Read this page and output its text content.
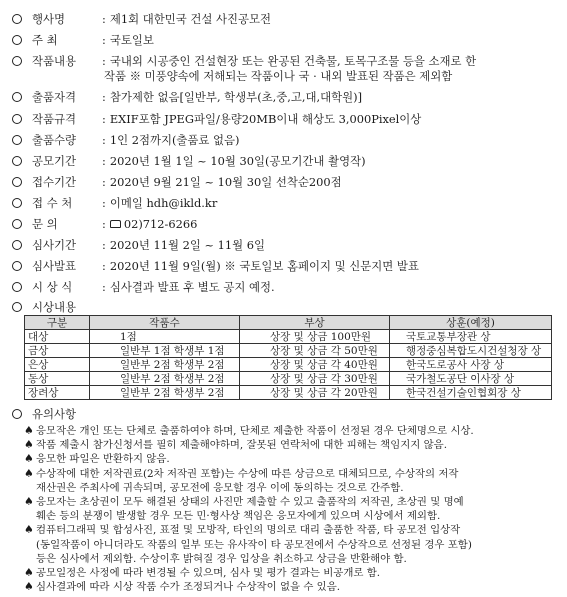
행사명	: 제1회 대한민국 건설 사진공모전
주 최	: 국토일보
작품내용	: 국내외 시공중인 건설현장 또는 완공된 건축물, 토목구조물 등을 소재로 한
작품 ※ 미풍양속에 저해되는 작품이나 국 · 내외 발표된 작품은 제외함
출품자격	: 참가제한 없음[일반부, 학생부(초,중,고,대,대학원)]
작품규격	: EXIF포함 JPEG파일/용량20MB이내 해상도 3,000Pixel이상
출품수량	: 1인 2점까지(출품료 없음)
공모기간	: 2020년 1월 1일 ~ 10월 30일(공모기간내 촬영작)
접수기간	: 2020년 9월 21일 ~ 10월 30일 선착순200점
접 수 처	: 이메일 hdh@ikld.kr
문 의	: 02)712-6266
심사기간	: 2020년 11월 2일 ~ 11월 6일
심사발표	: 2020년 11월 9일(월) ※ 국토일보 홈페이지 및 신문지면 발표
시 상 식	: 심사결과 발표 후 별도 공지 예정.
시상내용
구분	작품수	부상	상훈(예정)
대상	1점	상장 및 상금 100만원	국토교통부장관 상
금상	일반부 1점 학생부 1점	상장 및 상금 각 50만원	행정중심복합도시건설청장 상
은상	일반부 2점 학생부 2점	상장 및 상금 각 40만원	한국도로공사 사장 상
동상	일반부 2점 학생부 2점	상장 및 상금 각 30만원	국가철도공단 이사장 상
장려상	일반부 2점 학생부 2점	상장 및 상금 각 20만원	한국건설기술인협회장 상
유의사항
♠ 응모작은 개인 또는 단체로 출품하여야 하며, 단체로 제출한 작품이 선정된 경우 단체명으로 시상.
♠ 작품 제출시 참가신청서를 필히 제출해야하며, 잘못된 연락처에 대한 피해는 책임지지 않음.
♠ 응모한 파일은 반환하지 않음.
♠ 수상작에 대한 저작권료(2차 저작권 포함)는 수상에 따른 상금으로 대체되므로, 수상작의 저작
재산권은 주최사에 귀속되며, 공모전에 응모할 경우 이에 동의하는 것으로 간주함.
♠ 응모자는 초상권이 모두 해결된 상태의 사진만 제출할 수 있고 출품작의 저작권, 초상권 및 명예
훼손 등의 분쟁이 발생할 경우 모든 민·형사상 책임은 응모자에게 있으며 시상에서 제외함.
♠ 컴퓨터그래픽 및 합성사진, 표절 및 모방작, 타인의 명의로 대리 출품한 작품, 타 공모전 입상작
(동일작품이 아니더라도 작품의 일부 또는 유사작이 타 공모전에서 수상작으로 선정된 경우 포함)
등은 심사에서 제외함. 수상이후 밝혀질 경우 입상을 취소하고 상금을 반환해야 함.
♠ 공모일정은 사정에 따라 변경될 수 있으며, 심사 및 평가 결과는 비공개로 함.
♠ 심사결과에 따라 시상 작품 수가 조정되거나 수상작이 없을 수 있음.
